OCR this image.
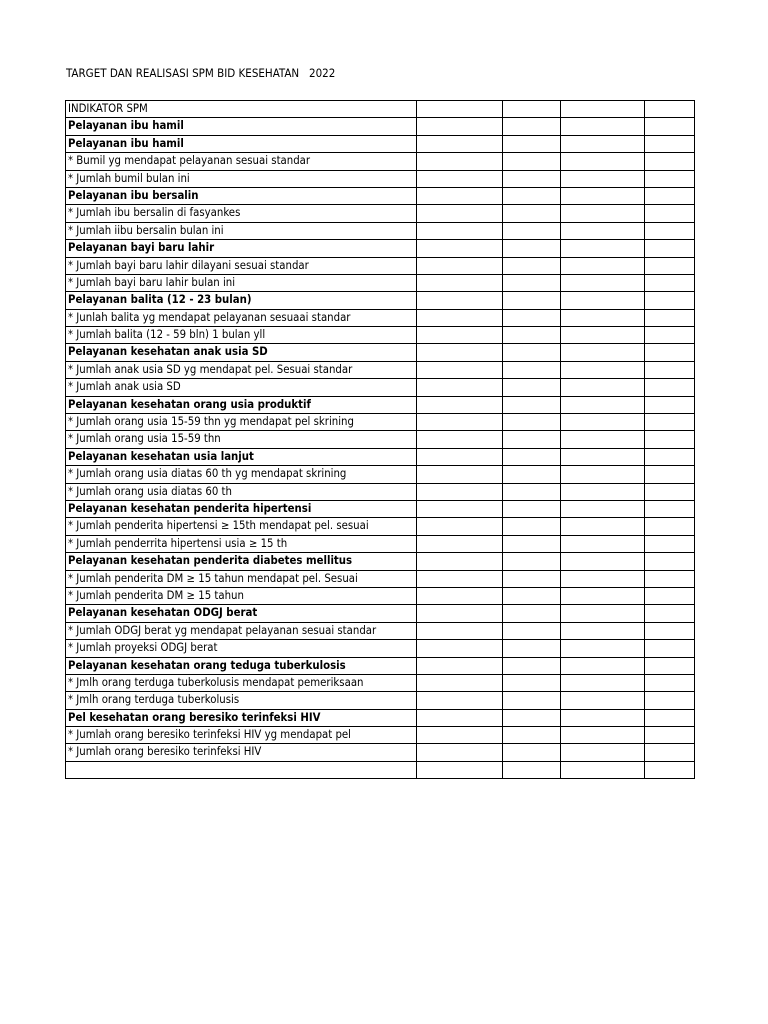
TARGET DAN REALISASI SPM BID KESEHATAN   2022
INDIKATOR SPM				
Pelayanan ibu hamil				
Pelayanan ibu hamil				
* Bumil yg mendapat pelayanan sesuai standar				
* Jumlah bumil bulan ini				
Pelayanan ibu bersalin				
* Jumlah ibu bersalin di fasyankes				
* Jumlah iibu bersalin bulan ini				
Pelayanan bayi baru lahir				
* Jumlah bayi baru lahir dilayani sesuai standar				
* Jumlah bayi baru lahir bulan ini				
Pelayanan balita (12 - 23 bulan)				
* Junlah balita yg mendapat pelayanan sesuaai standar				
* Jumlah balita (12 - 59 bln) 1 bulan yll				
Pelayanan kesehatan anak usia SD				
* Jumlah anak usia SD yg mendapat pel. Sesuai standar				
* Jumlah anak usia SD				
Pelayanan kesehatan orang usia produktif				
* Jumlah orang usia 15-59 thn yg mendapat pel skrining				
* Jumlah orang usia 15-59 thn				
Pelayanan kesehatan usia lanjut				
* Jumlah orang usia diatas 60 th yg mendapat skrining				
* Jumlah orang usia diatas 60 th				
Pelayanan kesehatan penderita hipertensi				
* Jumlah penderita hipertensi ≥ 15th mendapat pel. sesuai				
* Jumlah penderrita hipertensi usia ≥ 15 th				
Pelayanan kesehatan penderita diabetes mellitus				
* Jumlah penderita DM ≥ 15 tahun mendapat pel. Sesuai				
* Jumlah penderita DM ≥ 15 tahun				
Pelayanan kesehatan ODGJ berat				
* Jumlah ODGJ berat yg mendapat pelayanan sesuai standar				
* Jumlah proyeksi ODGJ berat				
Pelayanan kesehatan orang teduga tuberkulosis				
* Jmlh orang terduga tuberkolusis mendapat pemeriksaan				
* Jmlh orang terduga tuberkolusis				
Pel kesehatan orang beresiko terinfeksi HIV				
* Jumlah orang beresiko terinfeksi HIV yg mendapat pel				
* Jumlah orang beresiko terinfeksi HIV				
